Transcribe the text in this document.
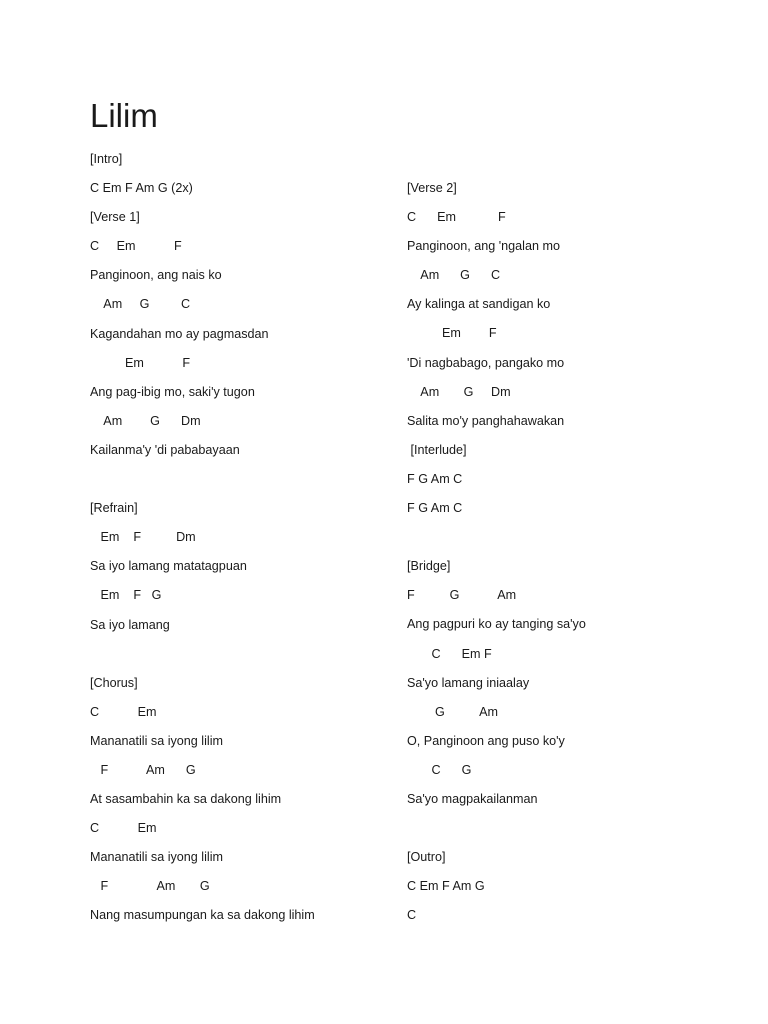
Lilim
[Intro]
C Em F Am G (2x)
[Verse 1]
C     Em           F
Panginoon, ang nais ko
Am     G         C
Kagandahan mo ay pagmasdan
Em           F
Ang pag-ibig mo, saki'y tugon
Am        G      Dm
Kailanma'y 'di pababayaan
[Refrain]
Em    F          Dm
Sa iyo lamang matatagpuan
Em    F   G
Sa iyo lamang
[Chorus]
C           Em
Mananatili sa iyong lilim
F           Am      G
At sasambahin ka sa dakong lihim
C           Em
Mananatili sa iyong lilim
F              Am       G
Nang masumpungan ka sa dakong lihim
[Verse 2]
C      Em            F
Panginoon, ang 'ngalan mo
Am      G      C
Ay kalinga at sandigan ko
Em        F
'Di nagbabago, pangako mo
Am       G     Dm
Salita mo'y panghahawakan
[Interlude]
F G Am C
F G Am C
[Bridge]
F          G           Am
Ang pagpuri ko ay tanging sa'yo
C      Em F
Sa'yo lamang iniaalay
G          Am
O, Panginoon ang puso ko'y
C      G
Sa'yo magpakailanman
[Outro]
C Em F Am G
C
